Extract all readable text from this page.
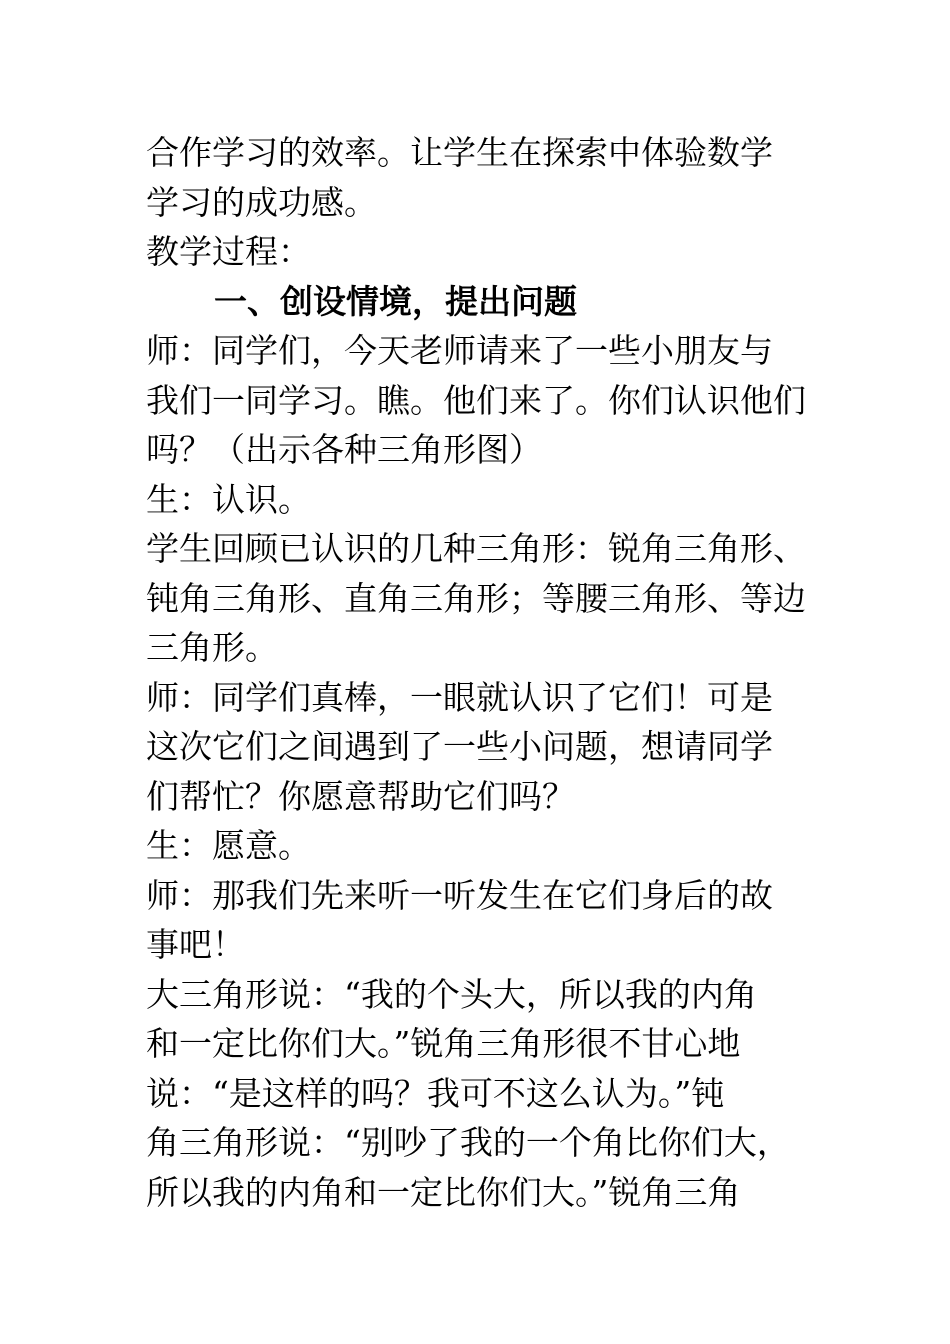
合作学习的效率。让学生在探索中体验数学
学习的成功感。
教学过程：
一、创设情境，提出问题
师：同学们，今天老师请来了一些小朋友与
我们一同学习。瞧。他们来了。你们认识他们
吗？（出示各种三角形图）
生：认识。
学生回顾已认识的几种三角形：锐角三角形、
钝角三角形、直角三角形；等腰三角形、等边
三角形。
师：同学们真棒，一眼就认识了它们！可是
这次它们之间遇到了一些小问题，想请同学
们帮忙？你愿意帮助它们吗？
生：愿意。
师：那我们先来听一听发生在它们身后的故
事吧！
大三角形说：“我的个头大，所以我的内角
和一定比你们大。”锐角三角形很不甘心地
说：“是这样的吗？我可不这么认为。”钝
角三角形说：“别吵了我的一个角比你们大，
所以我的内角和一定比你们大。”锐角三角
